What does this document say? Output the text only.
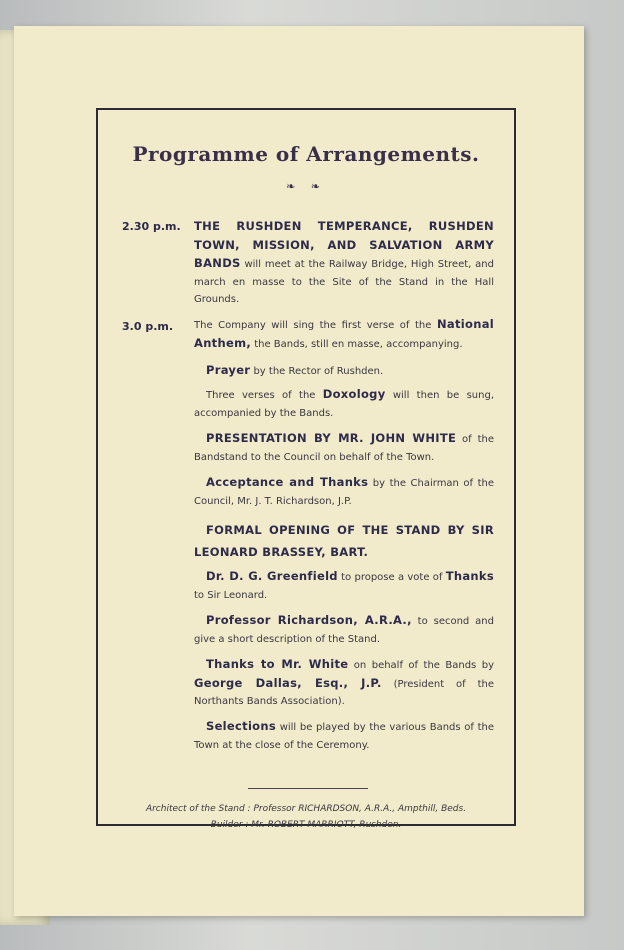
Programme of Arrangements.
❧ ❧
2.30 p.m. THE RUSHDEN TEMPERANCE, RUSHDEN TOWN, MISSION, AND SALVATION ARMY BANDS will meet at the Railway Bridge, High Street, and march en masse to the Site of the Stand in the Hall Grounds.
3.0 p.m. The Company will sing the first verse of the National Anthem, the Bands, still en masse, accompanying.
Prayer by the Rector of Rushden.
Three verses of the Doxology will then be sung, accompanied by the Bands.
PRESENTATION BY MR. JOHN WHITE of the Bandstand to the Council on behalf of the Town.
Acceptance and Thanks by the Chairman of the Council, Mr. J. T. Richardson, J.P.
FORMAL OPENING OF THE STAND BY SIR LEONARD BRASSEY, BART.
Dr. D. G. Greenfield to propose a vote of Thanks to Sir Leonard.
Professor Richardson, A.R.A., to second and give a short description of the Stand.
Thanks to Mr. White on behalf of the Bands by George Dallas, Esq., J.P. (President of the Northants Bands Association).
Selections will be played by the various Bands of the Town at the close of the Ceremony.
Architect of the Stand : Professor RICHARDSON, A.R.A., Ampthill, Beds.
Builder : Mr. ROBERT MARRIOTT, Rushden.
